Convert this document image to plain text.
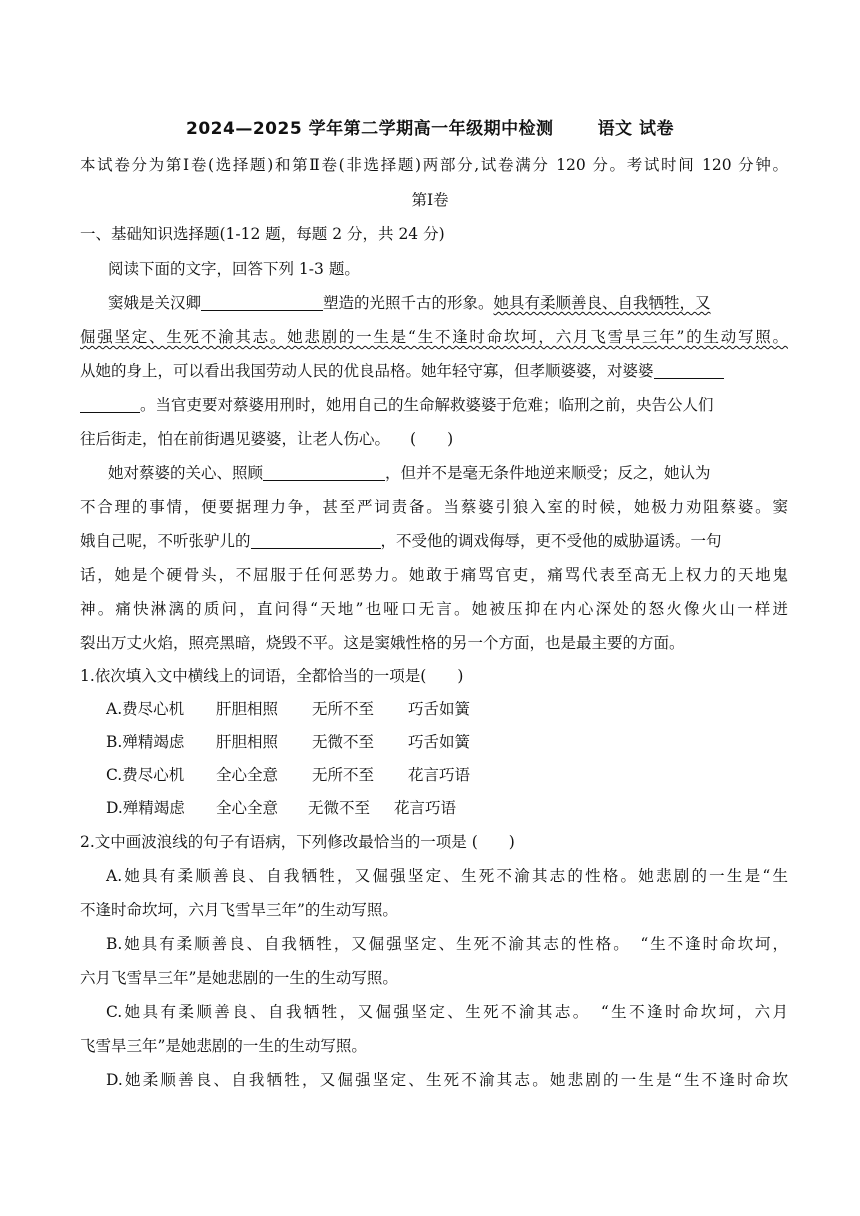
2024—2025 学年第二学期高一年级期中检测	语文 试卷
本试卷分为第Ⅰ卷(选择题)和第Ⅱ卷(非选择题)两部分,试卷满分 120 分。考试时间 120 分钟。
第Ⅰ卷
一、基础知识选择题(1-12 题，每题 2 分，共 24 分)
阅读下面的文字，回答下列 1-3 题。
窦娥是关汉卿	塑造的光照千古的形象。她具有柔顺善良、自我牺牲，又
倔强坚定、生死不渝其志。她悲剧的一生是“生不逢时命坎坷，六月飞雪旱三年”的生动写照。
从她的身上，可以看出我国劳动人民的优良品格。她年轻守寡，但孝顺婆婆，对婆婆
。当官吏要对蔡婆用刑时，她用自己的生命解救婆婆于危难；临刑之前，央告公人们
往后街走，怕在前街遇见婆婆，让老人伤心。 (　　)
她对蔡婆的关心、照顾	，但并不是毫无条件地逆来顺受；反之，她认为
不合理的事情，便要据理力争，甚至严词责备。当蔡婆引狼入室的时候，她极力劝阻蔡婆。窦
娥自己呢，不听张驴儿的	，不受他的调戏侮辱，更不受他的威胁逼诱。一句
话，她是个硬骨头，不屈服于任何恶势力。她敢于痛骂官吏，痛骂代表至高无上权力的天地鬼
神。痛快淋漓的质问，直问得“天地”也哑口无言。她被压抑在内心深处的怒火像火山一样迸
裂出万丈火焰，照亮黑暗，烧毁不平。这是窦娥性格的另一个方面，也是最主要的方面。
1.依次填入文中横线上的词语，全都恰当的一项是(　　)
A.费尽心机 肝胆相照 无所不至 巧舌如簧
B.殚精竭虑 肝胆相照 无微不至 巧舌如簧
C.费尽心机 全心全意 无所不至 花言巧语
D.殚精竭虑 全心全意 无微不至 花言巧语
2.文中画波浪线的句子有语病，下列修改最恰当的一项是 (　　)
A.她具有柔顺善良、自我牺牲，又倔强坚定、生死不渝其志的性格。她悲剧的一生是“生
不逢时命坎坷，六月飞雪旱三年”的生动写照。
B.她具有柔顺善良、自我牺牲，又倔强坚定、生死不渝其志的性格。　“生不逢时命坎坷，
六月飞雪旱三年”是她悲剧的一生的生动写照。
C.她具有柔顺善良、自我牺牲，又倔强坚定、生死不渝其志。　“生不逢时命坎坷，六月
飞雪旱三年”是她悲剧的一生的生动写照。
D.她柔顺善良、自我牺牲，又倔强坚定、生死不渝其志。她悲剧的一生是“生不逢时命坎
